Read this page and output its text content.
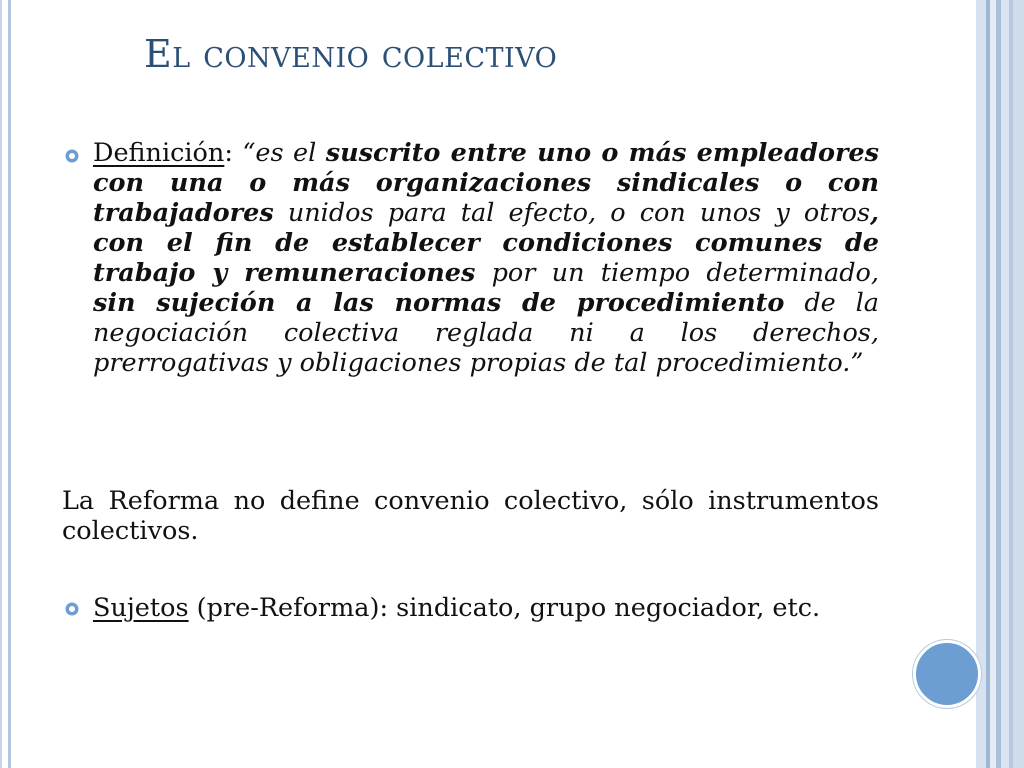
El convenio colectivo
Definición: “es el suscrito entre uno o más empleadores con una o más organizaciones sindicales o con trabajadores unidos para tal efecto, o con unos y otros, con el fin de establecer condiciones comunes de trabajo y remuneraciones por un tiempo determinado, sin sujeción a las normas de procedimiento de la negociación colectiva reglada ni a los derechos, prerrogativas y obligaciones propias de tal procedimiento.”
La Reforma no define convenio colectivo, sólo instrumentos colectivos.
Sujetos (pre-Reforma): sindicato, grupo negociador, etc.
